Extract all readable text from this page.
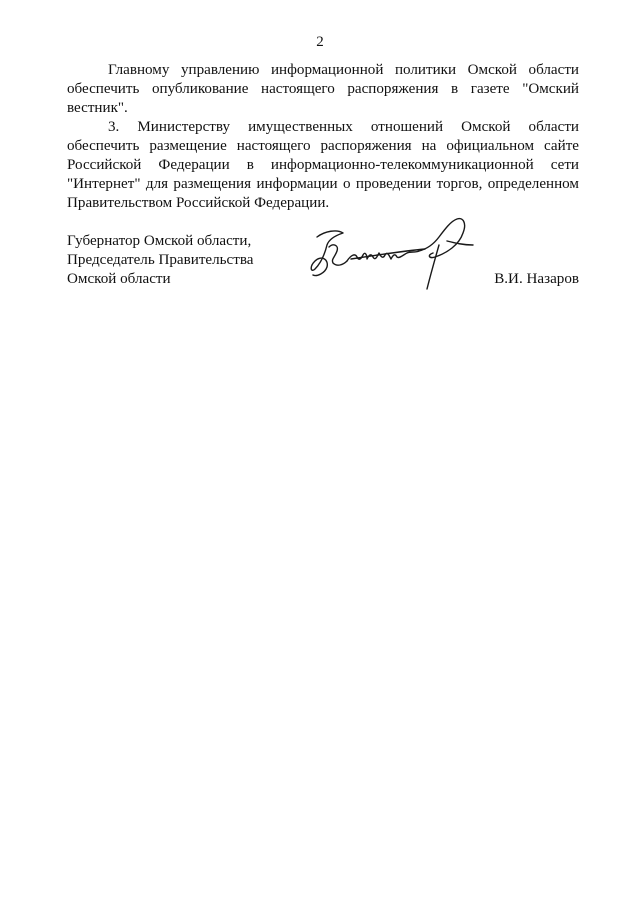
2

Главному управлению информационной политики Омской области обеспечить опубликование настоящего распоряжения в газете "Омский вестник".

3. Министерству имущественных отношений Омской области обеспечить размещение настоящего распоряжения на официальном сайте Российской Федерации в информационно-телекоммуникационной сети "Интернет" для размещения информации о проведении торгов, определенном Правительством Российской Федерации.

Губернатор Омской области,
Председатель Правительства
Омской области	В.И. Назаров
